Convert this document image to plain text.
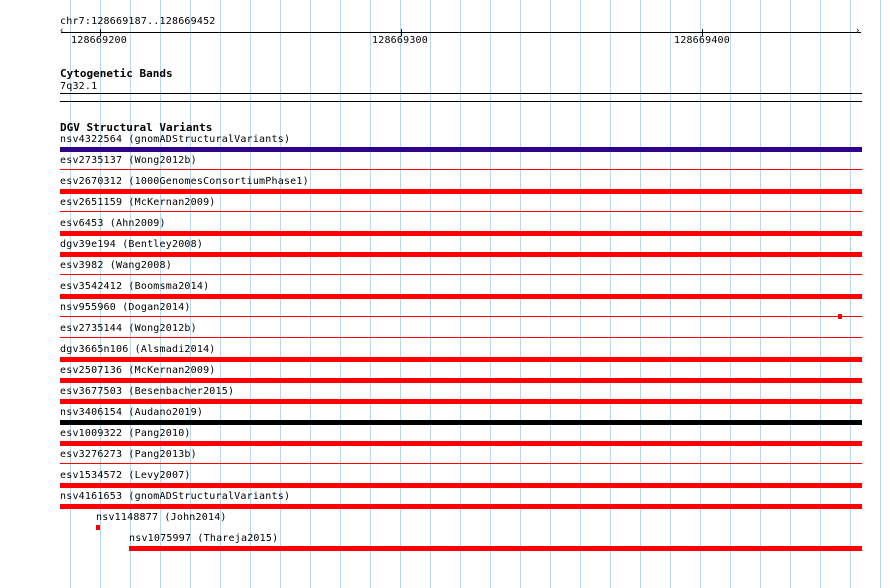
chr7:128669187..128669452
‹	›
128669200	128669300	128669400
Cytogenetic Bands
7q32.1
DGV Structural Variants
nsv4322564 (gnomADStructuralVariants)
esv2735137 (Wong2012b)
esv2670312 (1000GenomesConsortiumPhase1)
esv2651159 (McKernan2009)
esv6453 (Ahn2009)
dgv39e194 (Bentley2008)
esv3982 (Wang2008)
esv3542412 (Boomsma2014)
nsv955960 (Dogan2014)
esv2735144 (Wong2012b)
dgv3665n106 (Alsmadi2014)
esv2507136 (McKernan2009)
esv3677503 (Besenbacher2015)
nsv3406154 (Audano2019)
esv1009322 (Pang2010)
esv3276273 (Pang2013b)
esv1534572 (Levy2007)
nsv4161653 (gnomADStructuralVariants)
nsv1148877 (John2014)
nsv1075997 (Thareja2015)
